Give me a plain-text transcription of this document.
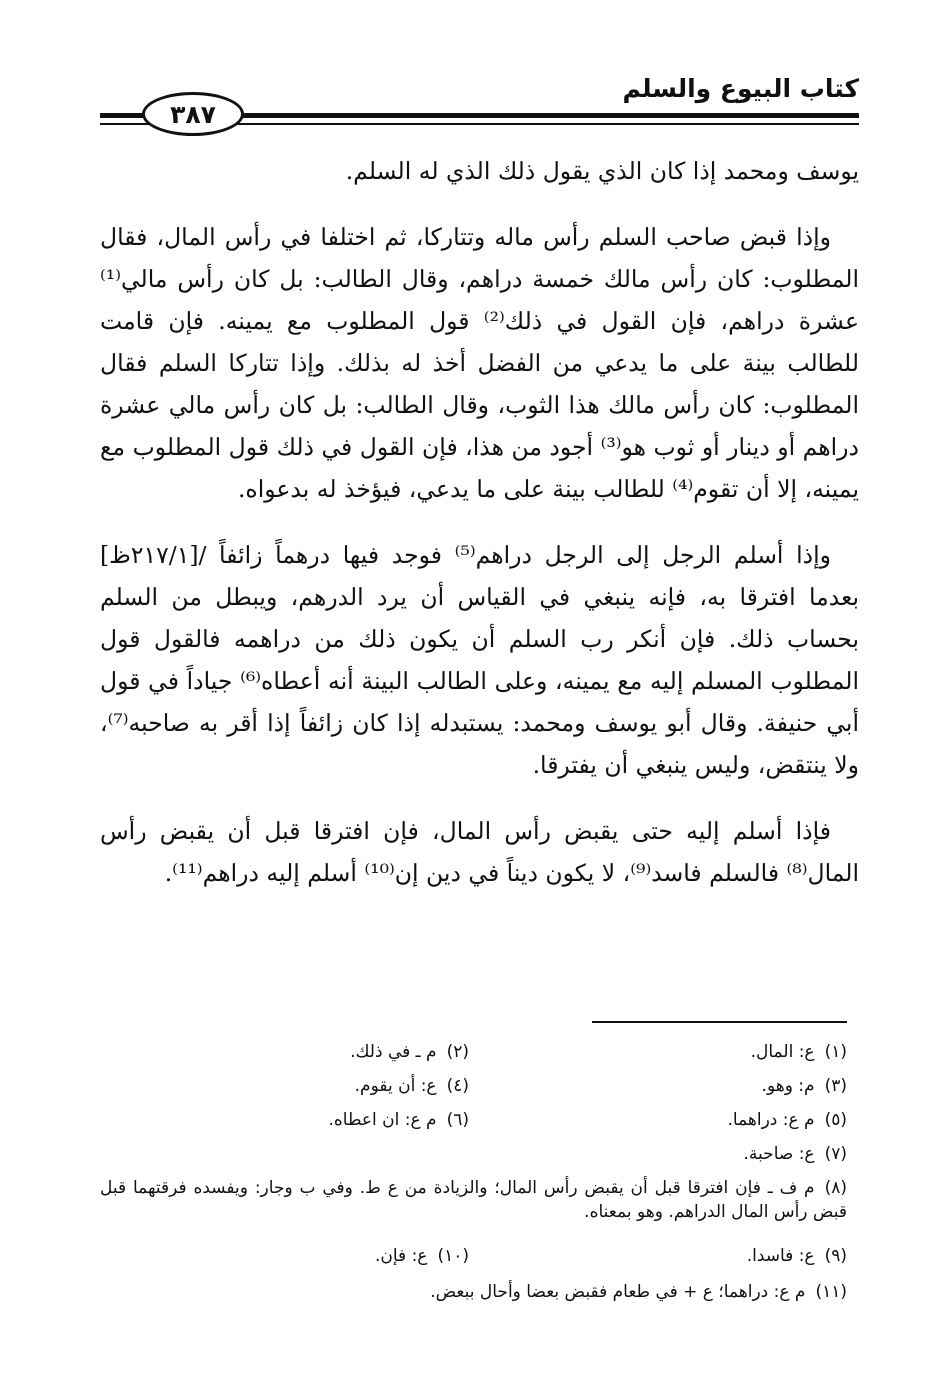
كتاب البيوع والسلم
٣٨٧

يوسف ومحمد إذا كان الذي يقول ذلك الذي له السلم.

وإذا قبض صاحب السلم رأس ماله وتتاركا، ثم اختلفا في رأس المال، فقال المطلوب: كان رأس مالك خمسة دراهم، وقال الطالب: بل كان رأس مالي⁽¹⁾ عشرة دراهم، فإن القول في ذلك⁽²⁾ قول المطلوب مع يمينه. فإن قامت للطالب بينة على ما يدعي من الفضل أخذ له بذلك. وإذا تتاركا السلم فقال المطلوب: كان رأس مالك هذا الثوب، وقال الطالب: بل كان رأس مالي عشرة دراهم أو دينار أو ثوب هو⁽³⁾ أجود من هذا، فإن القول في ذلك قول المطلوب مع يمينه، إلا أن تقوم⁽⁴⁾ للطالب بينة على ما يدعي، فيؤخذ له بدعواه.

وإذا أسلم الرجل إلى الرجل دراهم⁽⁵⁾ فوجد فيها درهماً زائفاً /[٢١٧/١ظ] بعدما افترقا به، فإنه ينبغي في القياس أن يرد الدرهم، ويبطل من السلم بحساب ذلك. فإن أنكر رب السلم أن يكون ذلك من دراهمه فالقول قول المطلوب المسلم إليه مع يمينه، وعلى الطالب البينة أنه أعطاه⁽⁶⁾ جياداً في قول أبي حنيفة. وقال أبو يوسف ومحمد: يستبدله إذا كان زائفاً إذا أقر به صاحبه⁽⁷⁾، ولا ينتقض، وليس ينبغي أن يفترقا.

فإذا أسلم إليه حتى يقبض رأس المال، فإن افترقا قبل أن يقبض رأس المال⁽⁸⁾ فالسلم فاسد⁽⁹⁾، لا يكون ديناً في دين إن⁽¹⁰⁾ أسلم إليه دراهم⁽¹¹⁾.

(١)ع: المال.
(٢)م ـ في ذلك.
(٣)م: وهو.
(٤)ع: أن يقوم.
(٥)م ع: دراهما.
(٦)م ع: ان اعطاه.
(٧)ع: صاحبة.
(٨)م ف ـ فإن افترقا قبل أن يقبض رأس المال؛ والزيادة من ع ط. وفي ب وجار: ويفسده فرقتهما قبل قبض رأس المال الدراهم. وهو بمعناه.
(٩)ع: فاسدا.
(١٠)ع: فإن.
(١١)م ع: دراهما؛ ع + في طعام فقبض بعضا وأحال ببعض.
